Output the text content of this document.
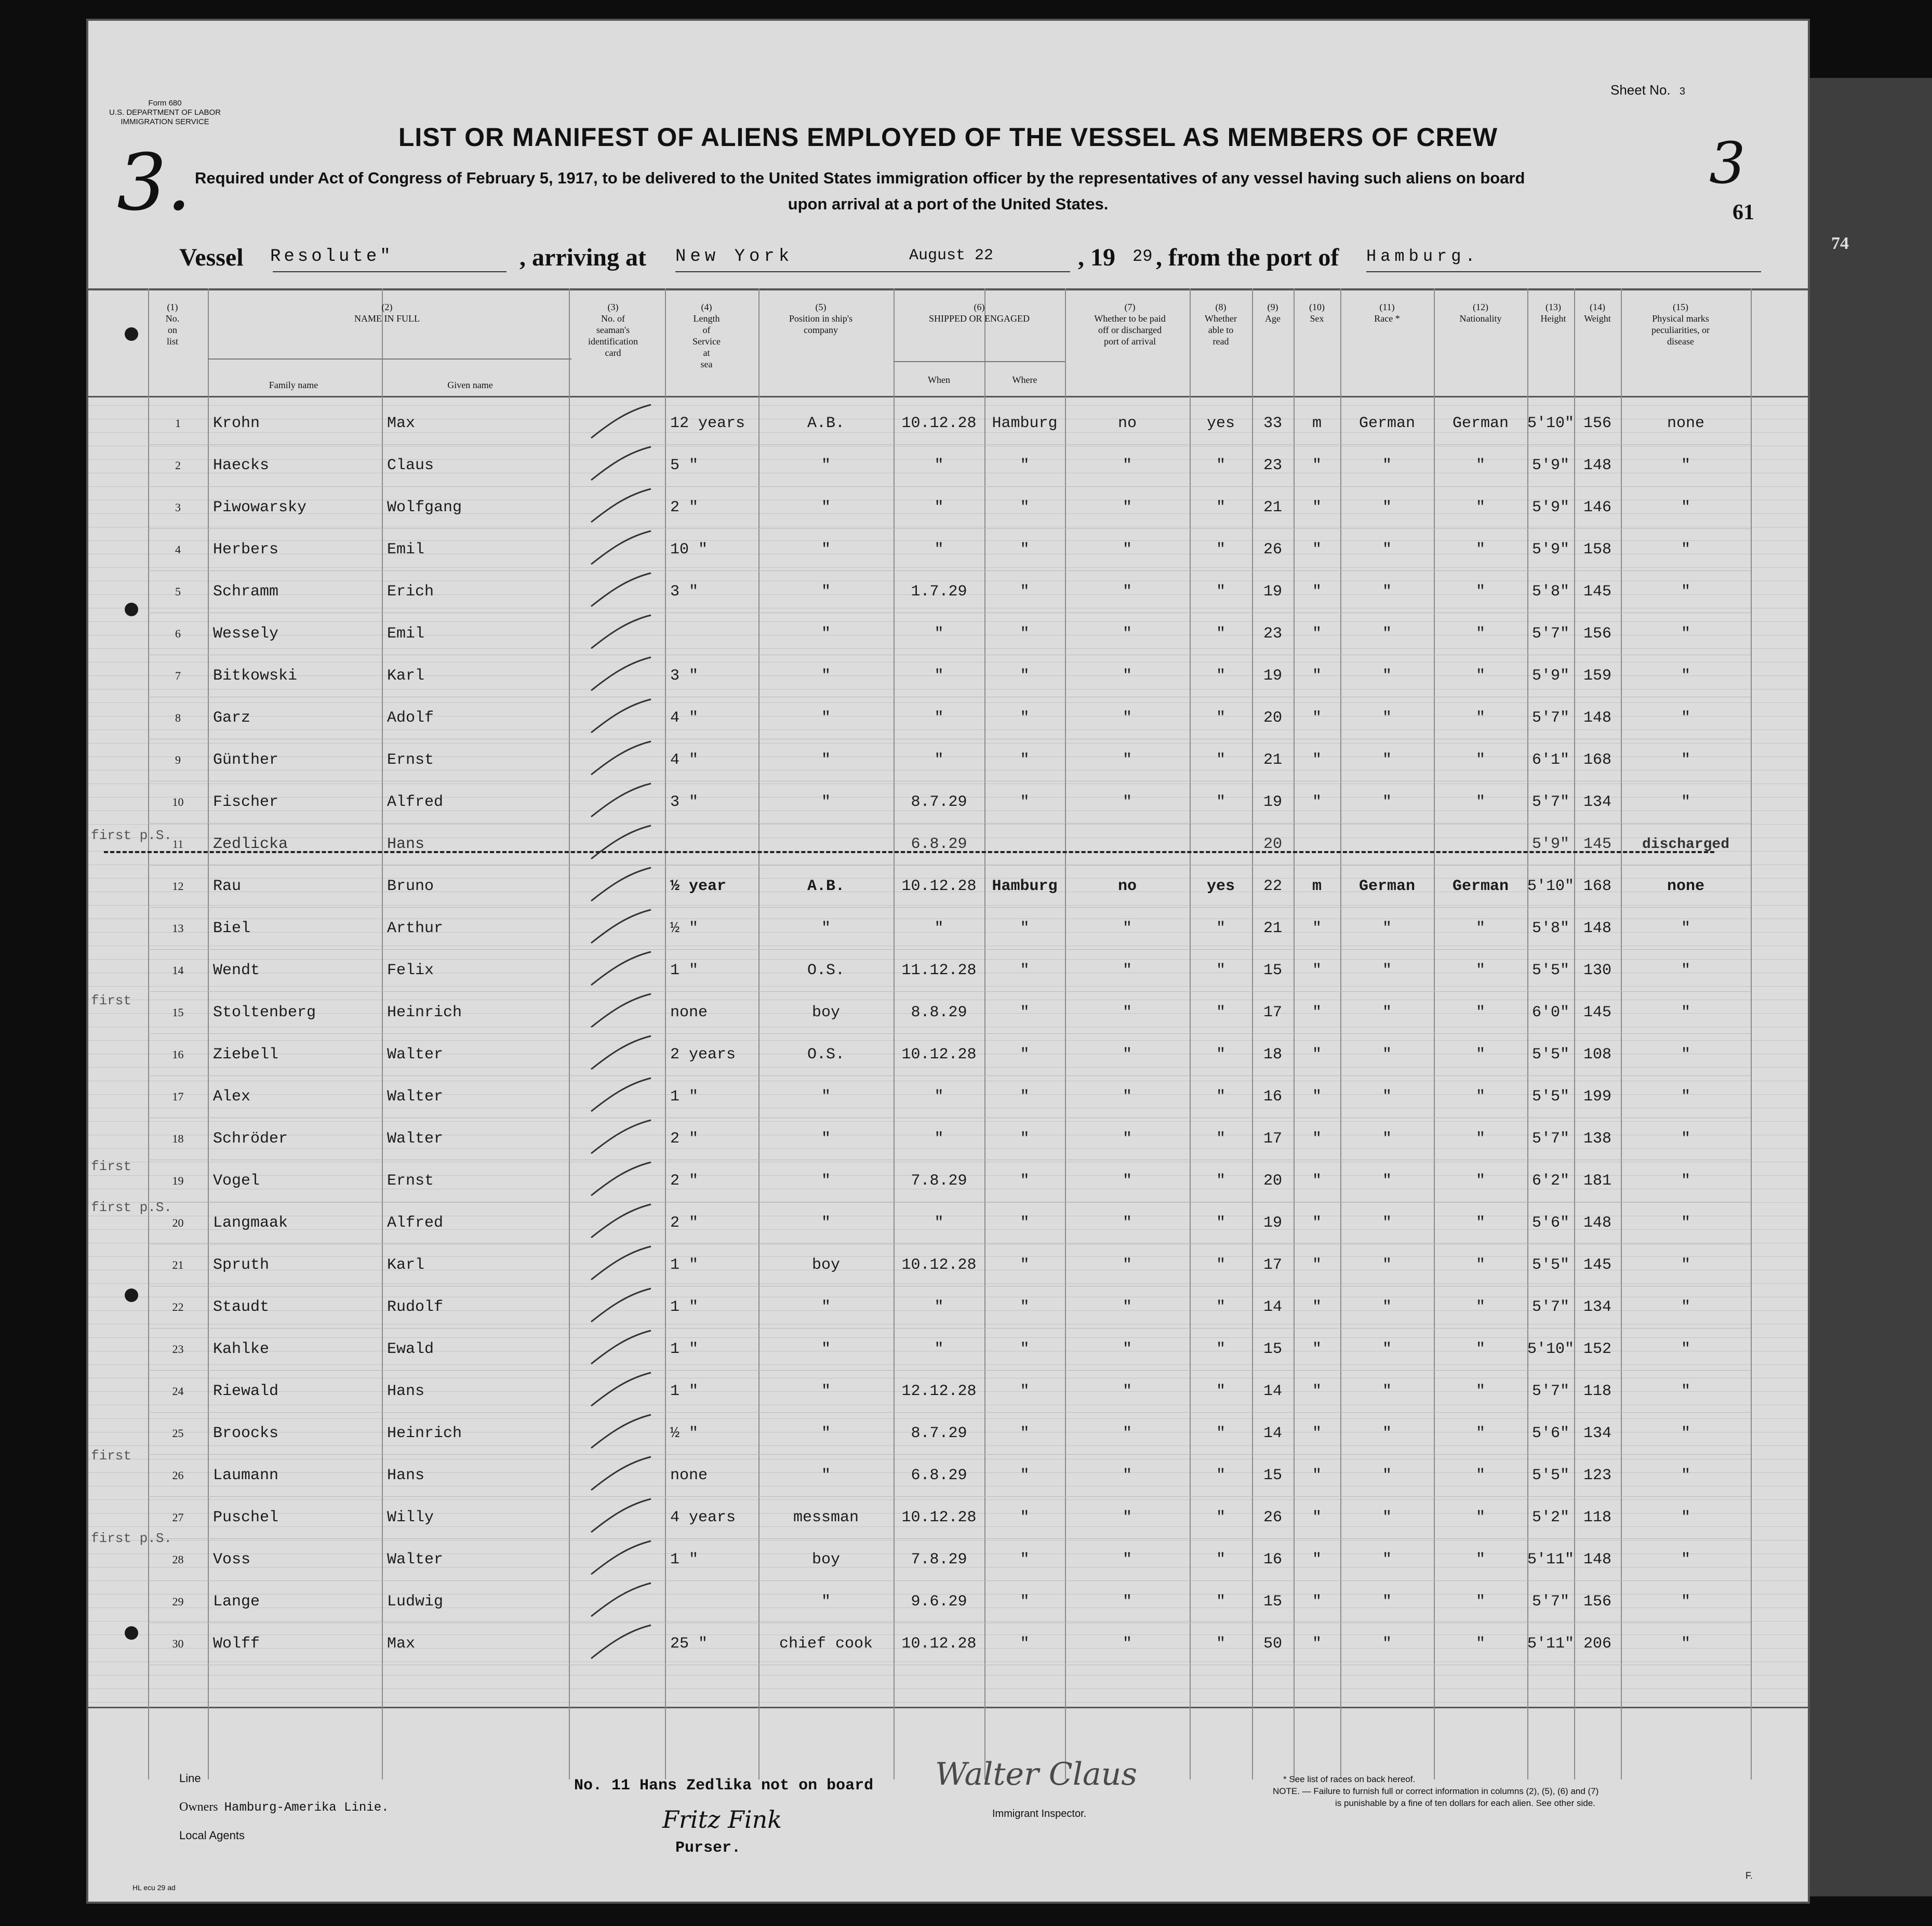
74
Form 680
U.S. DEPARTMENT OF LABOR
IMMIGRATION SERVICE
3.
Sheet No. 3
3
61
LIST OR MANIFEST OF ALIENS EMPLOYED OF THE VESSEL AS MEMBERS OF CREW
Required under Act of Congress of February 5, 1917, to be delivered to the United States immigration officer by the representatives of any vessel having such aliens on board
upon arrival at a port of the United States.
Vessel Resolute"	, arriving at New York	August 22	, 19 29 , from the port of Hamburg.
(1)
No.
on
list
(2)
NAME IN FULL
Family name	Given name
(3)
No. of
seaman's
identification
card
(4)
Length
of
Service
at
sea
(5)
Position in ship's
company
(6)
SHIPPED OR ENGAGED
When	Where
(7)
Whether to be paid
off or discharged
port of arrival
(8)
Whether
able to
read
(9)
Age
(10)
Sex
(11)
Race *
(12)
Nationality
(13)
Height
(14)
Weight
(15)
Physical marks
peculiarities, or
disease
1	Krohn	Max		12 years	A.B.	10.12.28	Hamburg	no	yes	33	m	German	German	5'10"	156	none
2	Haecks	Claus		5 "	"	"	"	"	"	23	"	"	"	5'9"	148	"
3	Piwowarsky	Wolfgang		2 "	"	"	"	"	"	21	"	"	"	5'9"	146	"
4	Herbers	Emil		10 "	"	"	"	"	"	26	"	"	"	5'9"	158	"
5	Schramm	Erich		3 "	"	1.7.29	"	"	"	19	"	"	"	5'8"	145	"
6	Wessely	Emil			"	"	"	"	"	23	"	"	"	5'7"	156	"
7	Bitkowski	Karl		3 "	"	"	"	"	"	19	"	"	"	5'9"	159	"
8	Garz	Adolf		4 "	"	"	"	"	"	20	"	"	"	5'7"	148	"
9	Günther	Ernst		4 "	"	"	"	"	"	21	"	"	"	6'1"	168	"
10	Fischer	Alfred		3 "	"	8.7.29	"	"	"	19	"	"	"	5'7"	134	"
11	Zedlicka	Hans				6.8.29				20				5'9"	145	discharged
12	Rau	Bruno		½ year	A.B.	10.12.28	Hamburg	no	yes	22	m	German	German	5'10"	168	none
13	Biel	Arthur		½ "	"	"	"	"	"	21	"	"	"	5'8"	148	"
14	Wendt	Felix		1 "	O.S.	11.12.28	"	"	"	15	"	"	"	5'5"	130	"
15	Stoltenberg	Heinrich		none	boy	8.8.29	"	"	"	17	"	"	"	6'0"	145	"
16	Ziebell	Walter		2 years	O.S.	10.12.28	"	"	"	18	"	"	"	5'5"	108	"
17	Alex	Walter		1 "	"	"	"	"	"	16	"	"	"	5'5"	199	"
18	Schröder	Walter		2 "	"	"	"	"	"	17	"	"	"	5'7"	138	"
19	Vogel	Ernst		2 "	"	7.8.29	"	"	"	20	"	"	"	6'2"	181	"
20	Langmaak	Alfred		2 "	"	"	"	"	"	19	"	"	"	5'6"	148	"
21	Spruth	Karl		1 "	boy	10.12.28	"	"	"	17	"	"	"	5'5"	145	"
22	Staudt	Rudolf		1 "	"	"	"	"	"	14	"	"	"	5'7"	134	"
23	Kahlke	Ewald		1 "	"	"	"	"	"	15	"	"	"	5'10"	152	"
24	Riewald	Hans		1 "	"	12.12.28	"	"	"	14	"	"	"	5'7"	118	"
25	Broocks	Heinrich		½ "	"	8.7.29	"	"	"	14	"	"	"	5'6"	134	"
26	Laumann	Hans		none	"	6.8.29	"	"	"	15	"	"	"	5'5"	123	"
27	Puschel	Willy		4 years	messman	10.12.28	"	"	"	26	"	"	"	5'2"	118	"
28	Voss	Walter		1 "	boy	7.8.29	"	"	"	16	"	"	"	5'11"	148	"
29	Lange	Ludwig			"	9.6.29	"	"	"	15	"	"	"	5'7"	156	"
30	Wolff	Max		25 "	chief cook	10.12.28	"	"	"	50	"	"	"	5'11"	206	"
Line
Owners Hamburg-Amerika Linie.
Local Agents
No. 11 Hans Zedlika not on board
Fritz Fink
Purser.
Walter Claus
Immigrant Inspector.
* See list of races on back hereof.
NOTE. — Failure to furnish full or correct information in columns (2), (5), (6) and (7)
is punishable by a fine of ten dollars for each alien. See other side.
HL ecu 29 ad
F.
first p.S.
first
first
first p.S.
first
first p.S.
